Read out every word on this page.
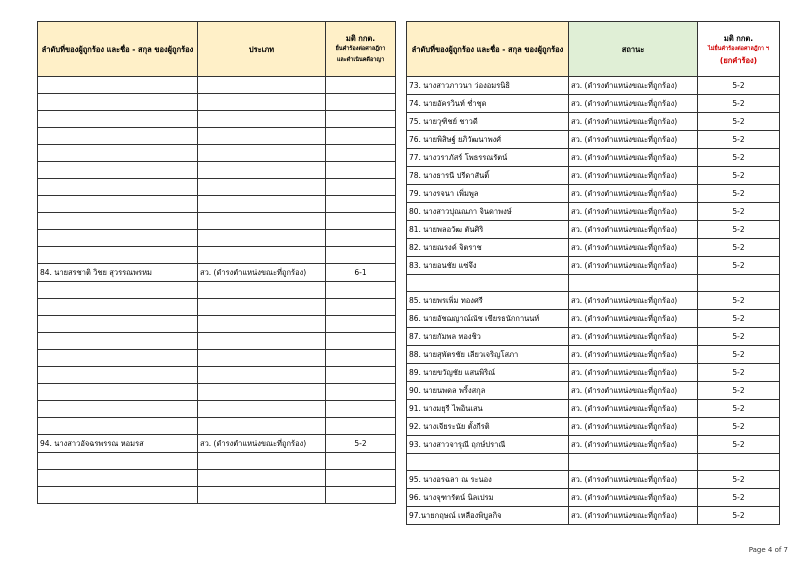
ลำดับที่ของผู้ถูกร้อง และชื่อ - สกุล ของผู้ถูกร้อง	ประเภท	มติ กกต.
ยื่นคำร้องต่อศาลฎีกา
และดำเนินคดีอาญา

84. นายสรชาติ วิชย สุวรรณพรหม	สว. (ดำรงตำแหน่งขณะที่ถูกร้อง)	6-1

94. นางสาวอัจฉรพรรณ หอมรส	สว. (ดำรงตำแหน่งขณะที่ถูกร้อง)	5-2

ลำดับที่ของผู้ถูกร้อง และชื่อ - สกุล ของผู้ถูกร้อง	สถานะ	มติ กกต.
ไม่ยื่นคำร้องต่อศาลฎีกา ฯ
(ยกคำร้อง)

73. นางสาวภาวนา ว่องอมรนิธิ	สว. (ดำรงตำแหน่งขณะที่ถูกร้อง)	5-2
74. นายอัครวินท์ ช่ำชุด	สว. (ดำรงตำแหน่งขณะที่ถูกร้อง)	5-2
75. นายวุฑิชย์ ชาวดี	สว. (ดำรงตำแหน่งขณะที่ถูกร้อง)	5-2
76. นายพิสิษฐ์ ยภิวัฒนาพงศ์	สว. (ดำรงตำแหน่งขณะที่ถูกร้อง)	5-2
77. นางวราภัสร์ โพธรรณรัตน์	สว. (ดำรงตำแหน่งขณะที่ถูกร้อง)	5-2
78. นางธารนี ปรีดาสันติ์	สว. (ดำรงตำแหน่งขณะที่ถูกร้อง)	5-2
79. นางรจนา เพิ่มพูล	สว. (ดำรงตำแหน่งขณะที่ถูกร้อง)	5-2
80. นางสาวปุณณภา จินดาพงษ์	สว. (ดำรงตำแหน่งขณะที่ถูกร้อง)	5-2
81. นายพลอวัฒ ตันศิริ	สว. (ดำรงตำแหน่งขณะที่ถูกร้อง)	5-2
82. นายณรงค์ จิตราช	สว. (ดำรงตำแหน่งขณะที่ถูกร้อง)	5-2
83. นายอนชัย แซ่จึง	สว. (ดำรงตำแหน่งขณะที่ถูกร้อง)	5-2

85. นายพรเพิ่ม ทองศรี	สว. (ดำรงตำแหน่งขณะที่ถูกร้อง)	5-2
86. นายอัชฌญาณ์ณัช เขียรธนักกานนท์	สว. (ดำรงตำแหน่งขณะที่ถูกร้อง)	5-2
87. นายกัมพล ทองชิว	สว. (ดำรงตำแหน่งขณะที่ถูกร้อง)	5-2
88. นายสุพัตรชัย เลียวเจริญโสภา	สว. (ดำรงตำแหน่งขณะที่ถูกร้อง)	5-2
89. นายขวัญชัย แสนพิริณ์	สว. (ดำรงตำแหน่งขณะที่ถูกร้อง)	5-2
90. นายนพดล พริ้งสกุล	สว. (ดำรงตำแหน่งขณะที่ถูกร้อง)	5-2
91. นางมยุรี ไพอินเสน	สว. (ดำรงตำแหน่งขณะที่ถูกร้อง)	5-2
92. นางเจียระนัย ตั้งกีรติ	สว. (ดำรงตำแหน่งขณะที่ถูกร้อง)	5-2
93. นางสาวจารุณี ฤกษ์ปราณี	สว. (ดำรงตำแหน่งขณะที่ถูกร้อง)	5-2

95. นางอรฉลา ณ ระนอง	สว. (ดำรงตำแหน่งขณะที่ถูกร้อง)	5-2
96. นางจุฑารัตน์ นิลเปรม	สว. (ดำรงตำแหน่งขณะที่ถูกร้อง)	5-2
97.นายกฤษณ์ เหลืองพิบูลกิจ	สว. (ดำรงตำแหน่งขณะที่ถูกร้อง)	5-2
Page 4 of 7
